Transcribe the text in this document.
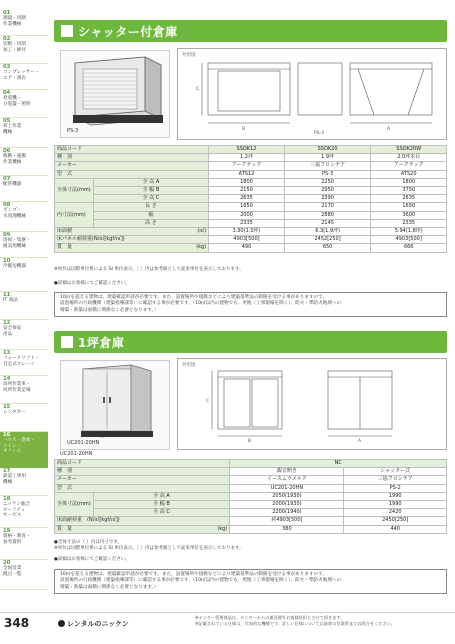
01
測量・切断
作業機械
02
切断・切削
加工・締付
03
コンプレッサー・
エア・削岩
04
発電機・
分電盤・照明
05
荷上作業
機械
06
移動・運搬
作業機械
07
配管機器
08
ポンプ・
水処理機械
09
清掃・集塵・
換気用機械
10
冷暖房機器
11
IT 商品
12
安全保安
用品
13
フォークリフト・
自走式クレーン
14
高所作業車・
高所作業足場
15
レンタカー
16
ハウス・倉庫・
トイレ・
オフィス
17
鉄道工事用
機械
18
ニッケン総合
セーフティ
サービス
19
資格・教育・
参考資料
20
全国営業
拠点一覧
シャッター付倉庫
PS-3
外形図
B	A
C
PS-3
商品コード		SSOK12	SSOK20	SSOK20W
種　別		1.2坪	1.9坪	2.0坪木目
メーカー		アークテック	三協フロンテア	アークテック
型　式		ATS12	PS-3	ATS20
全体寸法(mm)	全 高 A	1800	2250	1800
	全 幅 B	2150	2950	3750
	全 高 C	2635	2390	2635
内寸法(mm)	長 さ	1650	2170	1650
	幅	2000	2880	3600
	高 さ	2335	2145	2335
床面積 (㎡)		3.30(1.0坪)	6.3(1.9坪)	5.94(1.8坪)
床パネル耐荷重(N/㎡[kgf/㎡])		4903[500]	2452[250]	4903[500]
質　量 (kg)		490	650	666
※単位は国際単位系による SI 単位表示。［ ］内は参考値として従来単位を表示しております。
●詳細はお客様にてご確認ください。
10㎡を超える建物は、建築確認申請が必要です。また、設置場所や規模などにより建築基準法の制限を受ける事がありますので、
設置場所の行政機関（建築指導課等）に確認する事が必要です。（10㎡以内の建物でも、更地（工事現場を除く）、防火・準防火地域への
増築・新築は面積に関係なく必要となります。）
1坪倉庫
UC201-20HN
外形図
B	A
C
UC201-20HN
商品コード		NC	
種　別		観音開き	シャッター式
メーカー		イースムウメルク	三協フロンテア
型　式		UC201-20HN	PS-2
全体寸法(mm)	全 高 A	2050(1930)	1990
	全 幅 B	2000(1930)	1990
	全 高 C	2200(1940)	2420
床面耐荷重　(N/㎡[kgf/㎡])		約4903[500]	2450[250]
質　量 (kg)		380	440
●全体寸法の（ ）内は内寸です。
※単位は国際単位系による SI 単位表示。［ ］内は参考値として従来単位を表示しております。
●詳細はお客様にてご確認ください。
10㎡を超える建物は、建築確認申請が必要です。また、設置場所や規模などにより建築基準法の制限を受ける事がありますので、
設置場所の行政機関（建築指導課等）に確認する事が必要です。（10㎡以内の建物でも、更地（工事現場を除く）、防火・準防火地域への
増築・新築は面積に関係なく必要となります。）
348	レンタルのニッケン
※センター管理商品は、センターからの運送費をお客様負担とさせて頂きます。
※記載されている仕様は、代表的な機種です。詳しい仕様については最寄の営業所までお問合せください。
